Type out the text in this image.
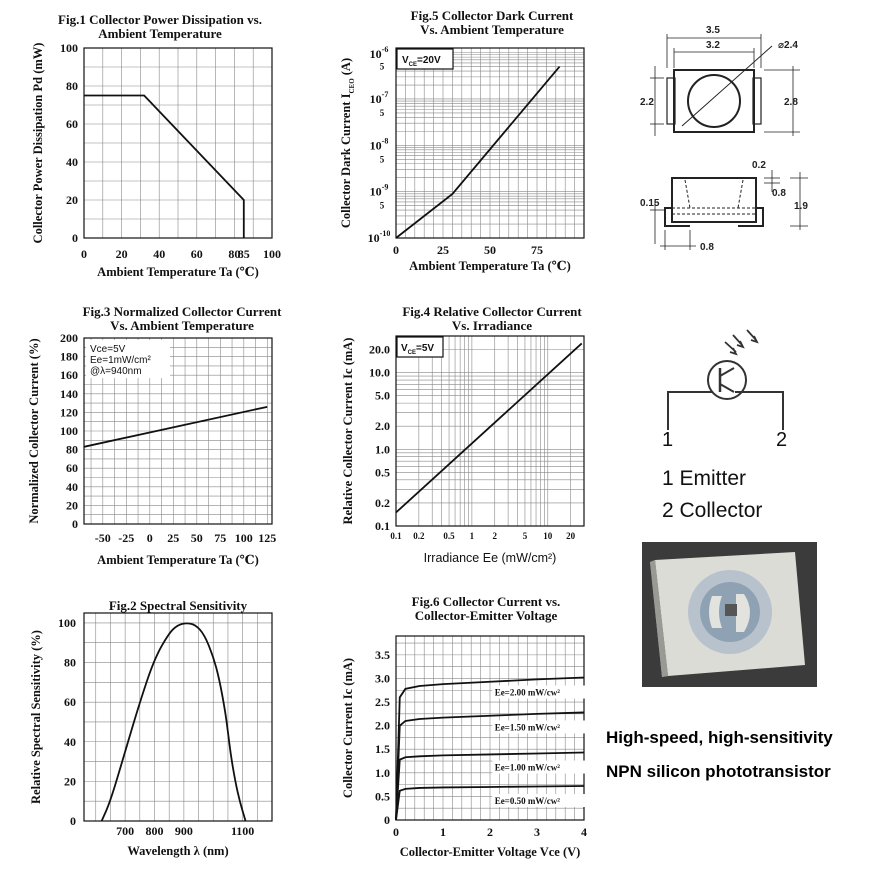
Fig.1 Collector Power Dissipation vs.
Ambient Temperature
0 20 40 60 80
85 100
0
20
40
60
80
100
Collector Power Dissipation Pd (mW)
Ambient Temperature Ta (℃)
Fig.5 Collector Dark Current
Vs. Ambient Temperature
0	25	50	75
$10^{-10}$
$10^{-9}$
$10^{-8}$
$10^{-7}$
$10^{-6}$
5
5
5
5
$V_{CE}=20V$
Collector Dark Current $I_{CEO}$ (A)
Ambient Temperature Ta (℃)
Fig.3 Normalized Collector Current
Vs. Ambient Temperature
Vce=5V
Ee=1mW/cm²
@λ=940nm
-50 -25 0 25 50 75 100 125
0
20
40
60
80
100
120
140
160
180
200
Normalized Collector Current (%)
Ambient Temperature Ta (℃)
Fig.4 Relative Collector Current
Vs. Irradiance
0.1 0.2 0.5 1 2	5 10 20
0.1
0.2
0.5
1.0
2.0
5.0
10.0
20.0 $V_{CE}=5V$
Relative Collector Current Ic (mA)
Irradiance Ee (mW/cm²)
Fig.2 Spectral Sensitivity
700 800 900	1100
0
20
40
60
80
100
Relative Spectral Sensitivity (%)
Wavelength λ (nm)
Fig.6 Collector Current vs.
Collector-Emitter Voltage
0	1	2	3	4
0
0.5
1.0
1.5
2.0
2.5
3.0
3.5
Collector Current Ic (mA)
Collector-Emitter Voltage Vce (V)
Ee=2.00 mW/cw²
Ee=1.50 mW/cw²
Ee=1.00 mW/cw²
Ee=0.50 mW/cw²
3.5
3.2	⌀2.4
2.2	2.8
0.2
0.8
1.9
0.15
0.8
1	2
1 Emitter
2 Collector
High-speed, high-sensitivity
NPN silicon phototransistor
